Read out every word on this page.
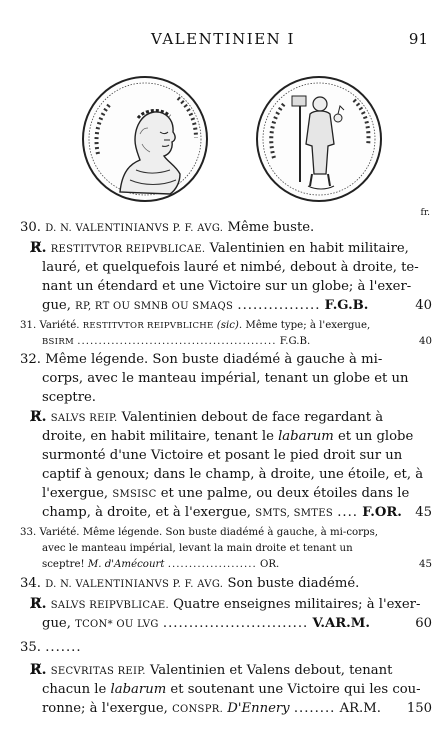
VALENTINIEN I	91
fr.
30. D. N. VALENTINIANVS P. F. AVG. Même buste.
R̸. RESTITVTOR REIPVBLICAE. Valentinien en habit militaire,
lauré, et quelquefois lauré et nimbé, debout à droite, te-
nant un étendard et une Victoire sur un globe; à l'exer-
gue, RP, RT OU SMNB OU SMAQS ................ F.G.B.	40
31. Variété. RESTITVTOR REIPVBLICHE (sic). Même type; à l'exergue,
BSIRM ............................................... F.G.B.	40
32. Même légende. Son buste diadémé à gauche à mi-
corps, avec le manteau impérial, tenant un globe et un
sceptre.
R̸. SALVS REIP. Valentinien debout de face regardant à
droite, en habit militaire, tenant le labarum et un globe
surmonté d'une Victoire et posant le pied droit sur un
captif à genoux; dans le champ, à droite, une étoile, et, à
l'exergue, SMSISC et une palme, ou deux étoiles dans le
champ, à droite, et à l'exergue, SMTS, SMTES .... F.OR. 45
33. Variété. Même légende. Son buste diadémé à gauche, à mi-corps,
avec le manteau impérial, levant la main droite et tenant un
sceptre! M. d'Amécourt ..................... OR.	45
34. D. N. VALENTINIANVS P. F. AVG. Son buste diadémé.
R̸. SALVS REIPVBLICAE. Quatre enseignes militaires; à l'exer-
gue, TCON* OU LVG ............................ V.AR.M.	60
35. .......
R̸. SECVRITAS REIP. Valentinien et Valens debout, tenant
chacun le labarum et soutenant une Victoire qui les cou-
ronne; à l'exergue, CONSPR. D'Ennery ........ AR.M. 150
